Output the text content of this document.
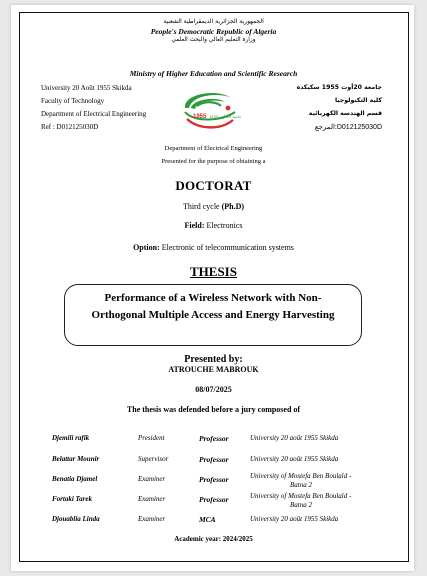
الجمهورية الجزائرية الديمقراطية الشعبية
People's Democratic Republic of Algeria
وزارة التعليم العالي والبحث العلمي
Ministry of Higher Education and Scientific Research
University 20 Août 1955 Skikda
Faculty of Technology
Department of Electrical Engineering
Ref : D012125030D
جامعة 20أوت 1955 سكيكدة
كلية التكنولوجيا
قسم الهندسة الكهربائية
المرجع:D012125030D
1955 جامعة 20 أوت 1955
Department of Electrical Engineering
Presented for the purpose of obtaining a
DOCTORAT
Third cycle (Ph.D)
Field: Electronics
Option: Electronic of telecommunication systems
THESIS
Performance of a Wireless Network with Non-Orthogonal Multiple Access and Energy Harvesting
Presented by:
ATROUCHE MABROUK
08/07/2025
The thesis was defended before a jury composed of
Djemili rafik	President	Professor	University 20 août 1955 Skikda

Belattar Mounir	Supervisor	Professor	University 20 août 1955 Skikda

Benatia Djamel	Examiner	Professor	University of Mostefa Ben Boulaïd -
Batna 2
Fortaki Tarek	Examiner	Professor	University of Mostefa Ben Boulaïd -
Batna 2
Djouablia Linda	Examiner	MCA	University 20 août 1955 Skikda

Academic year: 2024/2025
